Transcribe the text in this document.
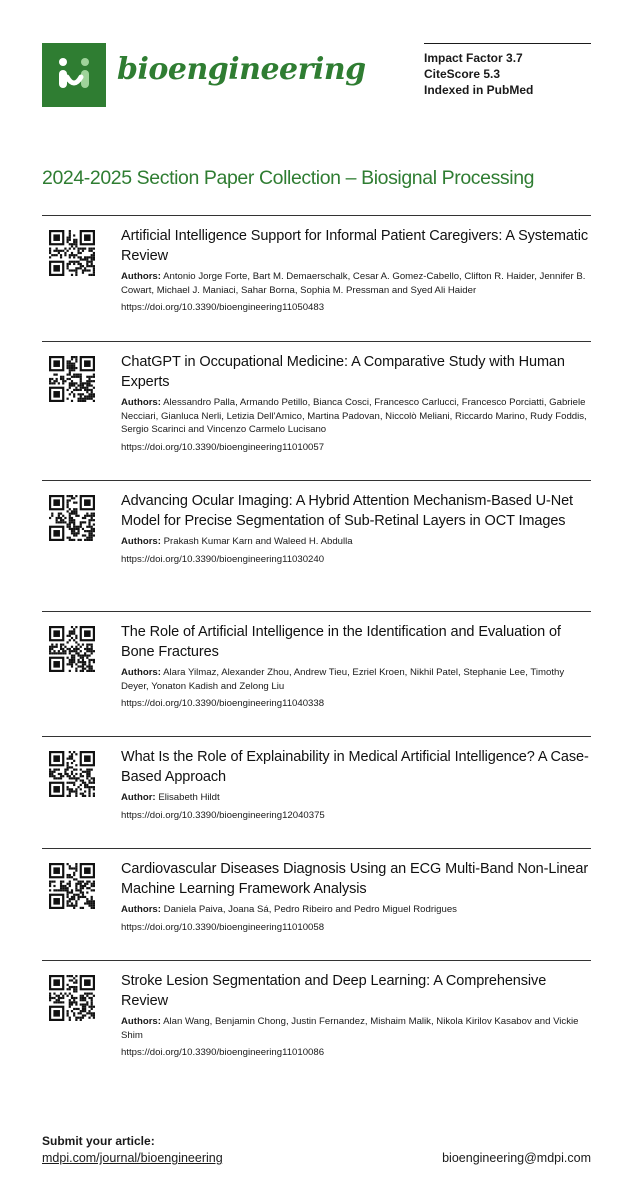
bioengineering	Impact Factor 3.7
CiteScore 5.3
Indexed in PubMed
2024-2025 Section Paper Collection – Biosignal Processing
Artificial Intelligence Support for Informal Patient Caregivers: A Systematic Review
Authors: Antonio Jorge Forte, Bart M. Demaerschalk, Cesar A. Gomez-Cabello, Clifton R. Haider, Jennifer B. Cowart, Michael J. Maniaci, Sahar Borna, Sophia M. Pressman and Syed Ali Haider
https://doi.org/10.3390/bioengineering11050483
ChatGPT in Occupational Medicine: A Comparative Study with Human Experts
Authors: Alessandro Palla, Armando Petillo, Bianca Cosci, Francesco Carlucci, Francesco Porciatti, Gabriele Necciari, Gianluca Nerli, Letizia Dell'Amico, Martina Padovan, Niccolò Meliani, Riccardo Marino, Rudy Foddis, Sergio Scarinci and Vincenzo Carmelo Lucisano
https://doi.org/10.3390/bioengineering11010057
Advancing Ocular Imaging: A Hybrid Attention Mechanism-Based U-Net Model for Precise Segmentation of Sub-Retinal Layers in OCT Images
Authors: Prakash Kumar Karn and Waleed H. Abdulla
https://doi.org/10.3390/bioengineering11030240
The Role of Artificial Intelligence in the Identification and Evaluation of Bone Fractures
Authors: Alara Yilmaz, Alexander Zhou, Andrew Tieu, Ezriel Kroen, Nikhil Patel, Stephanie Lee, Timothy Deyer, Yonaton Kadish and Zelong Liu
https://doi.org/10.3390/bioengineering11040338
What Is the Role of Explainability in Medical Artificial Intelligence? A Case-Based Approach
Author: Elisabeth Hildt
https://doi.org/10.3390/bioengineering12040375
Cardiovascular Diseases Diagnosis Using an ECG Multi-Band Non-Linear Machine Learning Framework Analysis
Authors: Daniela Paiva, Joana Sá, Pedro Ribeiro and Pedro Miguel Rodrigues
https://doi.org/10.3390/bioengineering11010058
Stroke Lesion Segmentation and Deep Learning: A Comprehensive Review
Authors: Alan Wang, Benjamin Chong, Justin Fernandez, Mishaim Malik, Nikola Kirilov Kasabov and Vickie Shim
https://doi.org/10.3390/bioengineering11010086
Submit your article:
mdpi.com/journal/bioengineering	bioengineering@mdpi.com
